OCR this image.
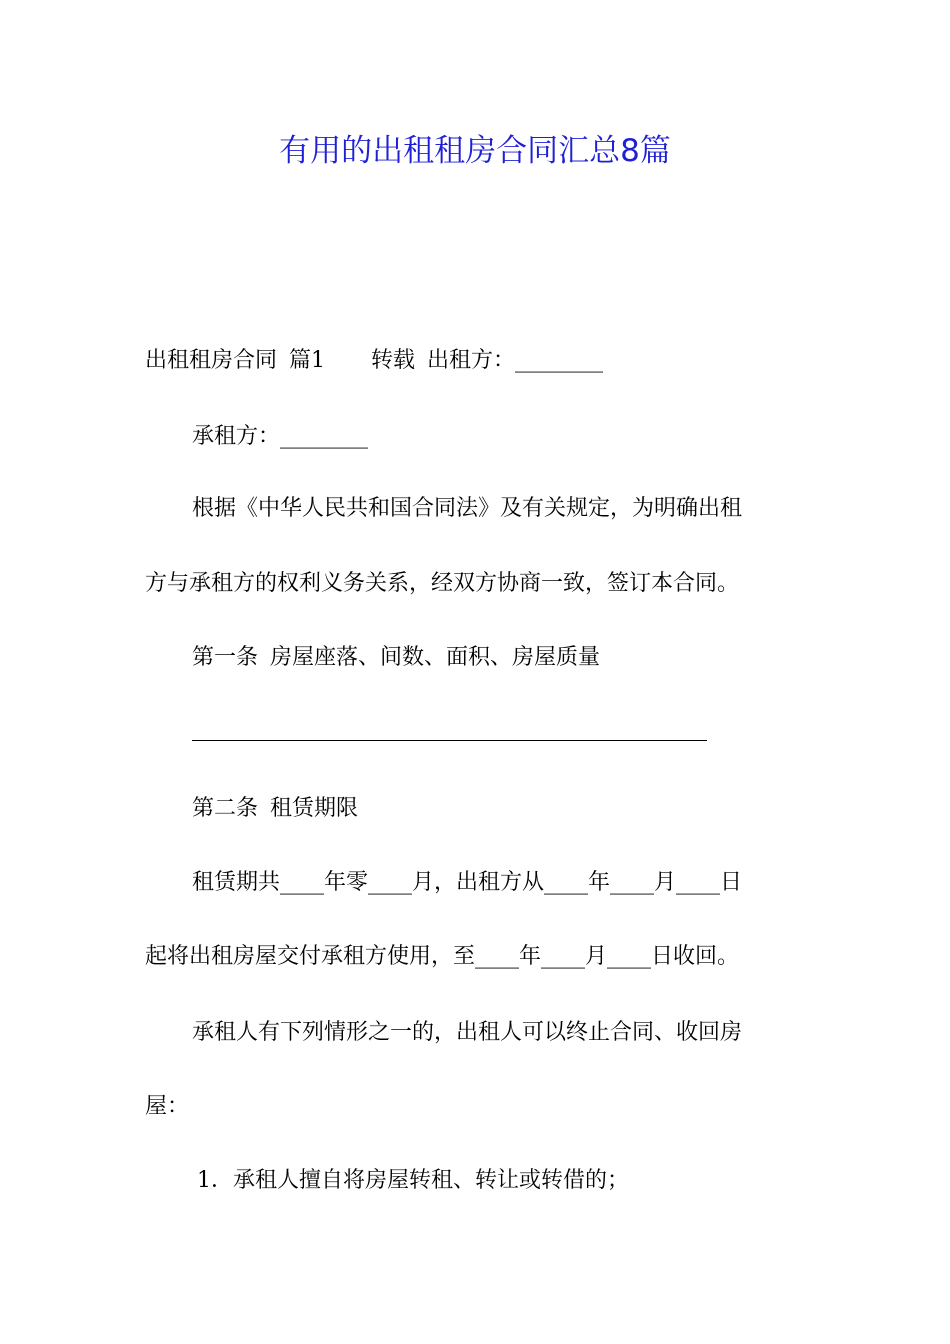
有用的出租租房合同汇总8篇
出租租房合同 篇1 转载 出租方：________
承租方：________
根据《中华人民共和国合同法》及有关规定，为明确出租
方与承租方的权利义务关系，经双方协商一致，签订本合同。
第一条 房屋座落、间数、面积、房屋质量
第二条 租赁期限
租赁期共____年零____月，出租方从____年____月____日
起将出租房屋交付承租方使用，至____年____月____日收回。
承租人有下列情形之一的，出租人可以终止合同、收回房
屋：
1．承租人擅自将房屋转租、转让或转借的；
